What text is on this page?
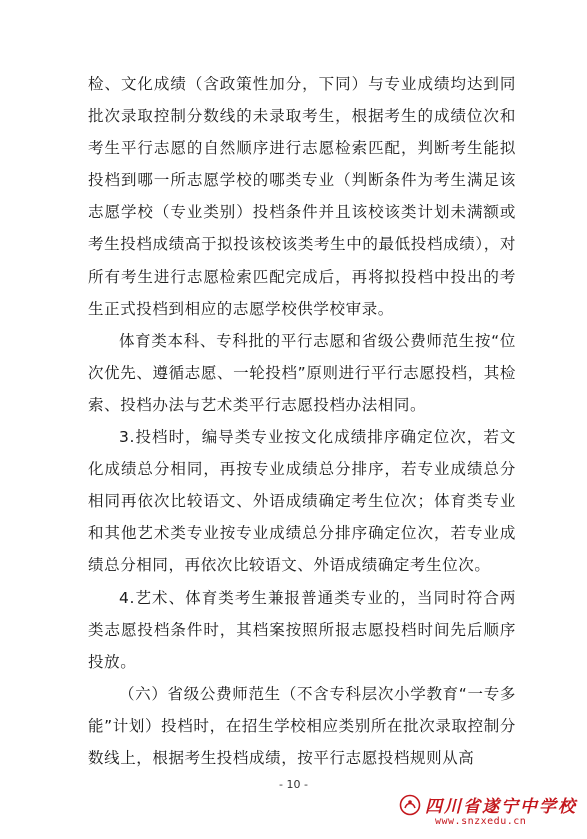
检、文化成绩（含政策性加分，下同）与专业成绩均达到同批次录取控制分数线的未录取考生，根据考生的成绩位次和考生平行志愿的自然顺序进行志愿检索匹配，判断考生能拟投档到哪一所志愿学校的哪类专业（判断条件为考生满足该志愿学校（专业类别）投档条件并且该校该类计划未满额或考生投档成绩高于拟投该校该类考生中的最低投档成绩），对所有考生进行志愿检索匹配完成后，再将拟投档中投出的考生正式投档到相应的志愿学校供学校审录。

体育类本科、专科批的平行志愿和省级公费师范生按“位次优先、遵循志愿、一轮投档”原则进行平行志愿投档，其检索、投档办法与艺术类平行志愿投档办法相同。

3.投档时，编导类专业按文化成绩排序确定位次，若文化成绩总分相同，再按专业成绩总分排序，若专业成绩总分相同再依次比较语文、外语成绩确定考生位次；体育类专业和其他艺术类专业按专业成绩总分排序确定位次，若专业成绩总分相同，再依次比较语文、外语成绩确定考生位次。

4.艺术、体育类考生兼报普通类专业的，当同时符合两类志愿投档条件时，其档案按照所报志愿投档时间先后顺序投放。

（六）省级公费师范生（不含专科层次小学教育“一专多能”计划）投档时，在招生学校相应类别所在批次录取控制分数线上，根据考生投档成绩，按平行志愿投档规则从高

- 10 -
四川省遂宁中学校
www.snzxedu.cn
